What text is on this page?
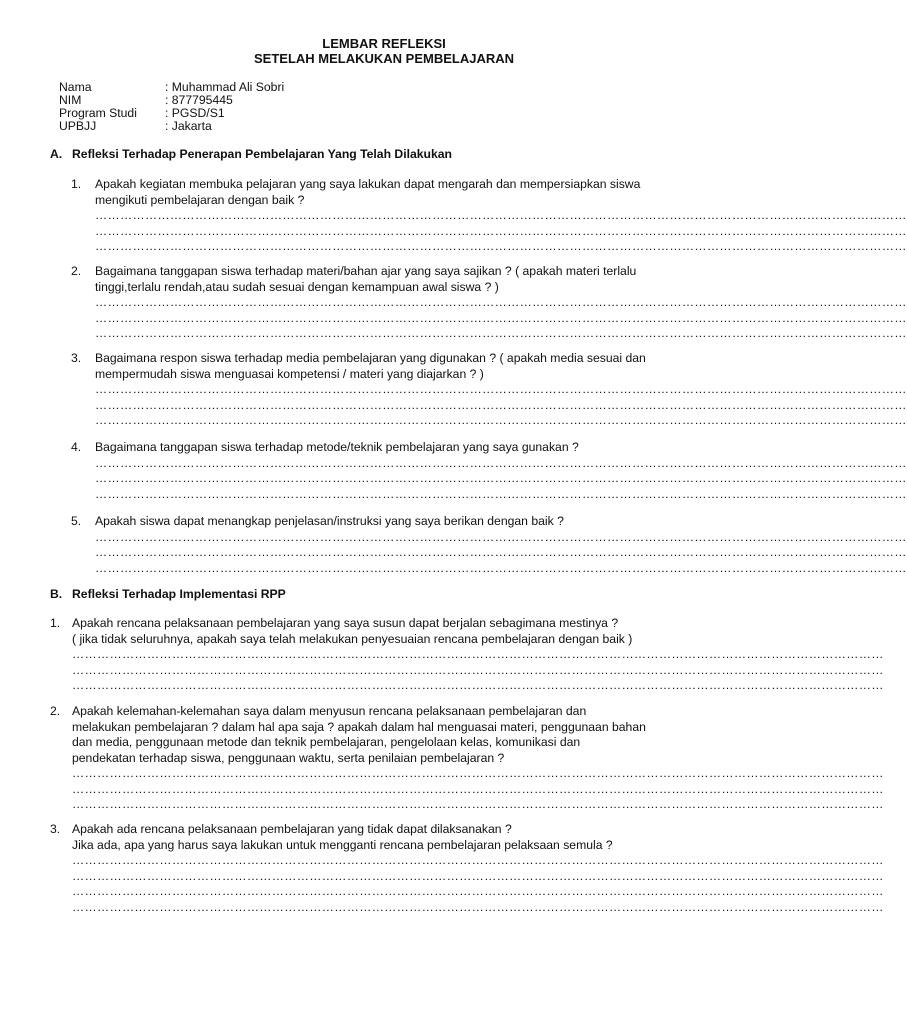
LEMBAR REFLEKSI
SETELAH MELAKUKAN PEMBELAJARAN
Nama	: Muhammad Ali Sobri
NIM	: 877795445
Program Studi	: PGSD/S1
UPBJJ	: Jakarta
A. Refleksi Terhadap Penerapan Pembelajaran Yang Telah Dilakukan
1. Apakah kegiatan membuka pelajaran yang saya lakukan dapat mengarah dan mempersiapkan siswa
mengikuti pembelajaran dengan baik ?
……………………………………………………………………………………………………………………………………………………………………………
……………………………………………………………………………………………………………………………………………………………………………
……………………………………………………………………………………………………………………………………………………………………………
2. Bagaimana tanggapan siswa terhadap materi/bahan ajar yang saya sajikan ? ( apakah materi terlalu
tinggi,terlalu rendah,atau sudah sesuai dengan kemampuan awal siswa ? )
……………………………………………………………………………………………………………………………………………………………………………
……………………………………………………………………………………………………………………………………………………………………………
……………………………………………………………………………………………………………………………………………………………………………
3. Bagaimana respon siswa terhadap media pembelajaran yang digunakan ? ( apakah media sesuai dan
mempermudah siswa menguasai kompetensi / materi yang diajarkan ? )
……………………………………………………………………………………………………………………………………………………………………………
……………………………………………………………………………………………………………………………………………………………………………
……………………………………………………………………………………………………………………………………………………………………………
4. Bagaimana tanggapan siswa terhadap metode/teknik pembelajaran yang saya gunakan ?
……………………………………………………………………………………………………………………………………………………………………………
……………………………………………………………………………………………………………………………………………………………………………
……………………………………………………………………………………………………………………………………………………………………………
5. Apakah siswa dapat menangkap penjelasan/instruksi yang saya berikan dengan baik ?
……………………………………………………………………………………………………………………………………………………………………………
……………………………………………………………………………………………………………………………………………………………………………
……………………………………………………………………………………………………………………………………………………………………………
B. Refleksi Terhadap Implementasi RPP
1. Apakah rencana pelaksanaan pembelajaran yang saya susun dapat berjalan sebagimana mestinya ?
( jika tidak seluruhnya, apakah saya telah melakukan penyesuaian rencana pembelajaran dengan baik )
……………………………………………………………………………………………………………………………………………………………………………
……………………………………………………………………………………………………………………………………………………………………………
……………………………………………………………………………………………………………………………………………………………………………
2. Apakah kelemahan-kelemahan saya dalam menyusun rencana pelaksanaan pembelajaran dan
melakukan pembelajaran ? dalam hal apa saja ? apakah dalam hal menguasai materi, penggunaan bahan
dan media, penggunaan metode dan teknik pembelajaran, pengelolaan kelas, komunikasi dan
pendekatan terhadap siswa, penggunaan waktu, serta penilaian pembelajaran ?
……………………………………………………………………………………………………………………………………………………………………………
……………………………………………………………………………………………………………………………………………………………………………
……………………………………………………………………………………………………………………………………………………………………………
3. Apakah ada rencana pelaksanaan pembelajaran yang tidak dapat dilaksanakan ?
Jika ada, apa yang harus saya lakukan untuk mengganti rencana pembelajaran pelaksaan semula ?
……………………………………………………………………………………………………………………………………………………………………………
……………………………………………………………………………………………………………………………………………………………………………
……………………………………………………………………………………………………………………………………………………………………………
……………………………………………………………………………………………………………………………………………………………………………
